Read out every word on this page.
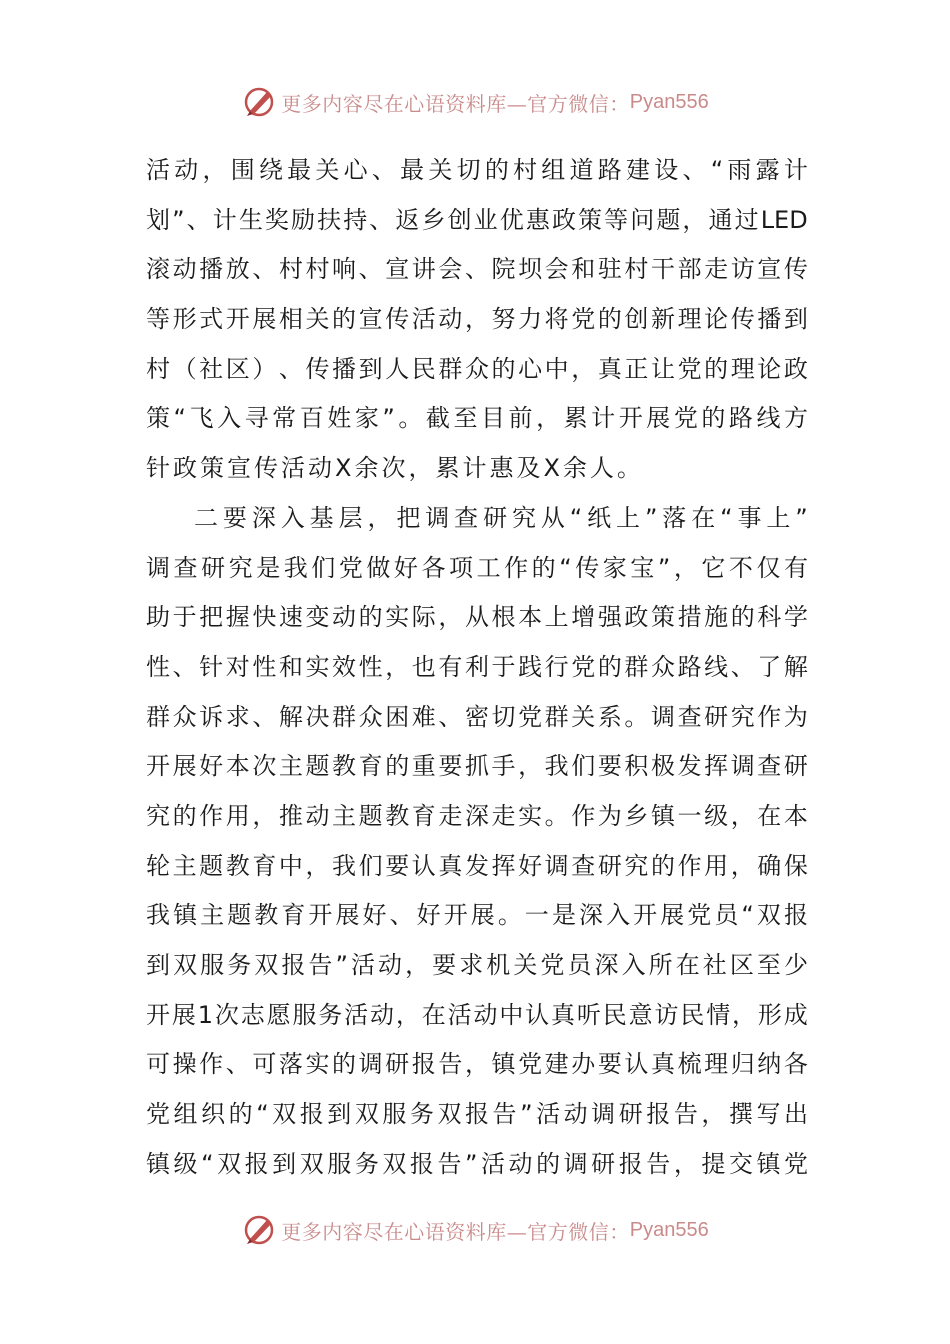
更多内容尽在心语资料库—官方微信： Pyan556
活 动 ， 围 绕 最 关 心 、 最 关 切 的 村 组 道 路 建 设 、 “ 雨 露 计
划 ” 、 计 生 奖 励 扶 持 、 返 乡 创 业 优 惠 政 策 等 问 题 ， 通 过 LED
滚 动 播 放 、 村 村 响 、 宣 讲 会 、 院 坝 会 和 驻 村 干 部 走 访 宣 传
等 形 式 开 展 相 关 的 宣 传 活 动 ， 努 力 将 党 的 创 新 理 论 传 播 到
村 （ 社 区 ） 、 传 播 到 人 民 群 众 的 心 中 ， 真 正 让 党 的 理 论 政
策 “ 飞 入 寻 常 百 姓 家 ” 。 截 至 目 前 ， 累 计 开 展 党 的 路 线 方
针政策宣传活动X余次，累计惠及X余人。
二 要 深 入 基 层 ， 把 调 查 研 究 从 “ 纸 上 ” 落 在 “ 事 上 ”
调 查 研 究 是 我 们 党 做 好 各 项 工 作 的 “ 传 家 宝 ” ， 它 不 仅 有
助 于 把 握 快 速 变 动 的 实 际 ， 从 根 本 上 增 强 政 策 措 施 的 科 学
性 、 针 对 性 和 实 效 性 ， 也 有 利 于 践 行 党 的 群 众 路 线 、 了 解
群 众 诉 求 、 解 决 群 众 困 难 、 密 切 党 群 关 系 。 调 查 研 究 作 为
开 展 好 本 次 主 题 教 育 的 重 要 抓 手 ， 我 们 要 积 极 发 挥 调 查 研
究 的 作 用 ， 推 动 主 题 教 育 走 深 走 实 。 作 为 乡 镇 一 级 ， 在 本
轮 主 题 教 育 中 ， 我 们 要 认 真 发 挥 好 调 查 研 究 的 作 用 ， 确 保
我 镇 主 题 教 育 开 展 好 、 好 开 展 。 一 是 深 入 开 展 党 员 “ 双 报
到 双 服 务 双 报 告 ” 活 动 ， 要 求 机 关 党 员 深 入 所 在 社 区 至 少
开 展 1 次 志 愿 服 务 活 动 ， 在 活 动 中 认 真 听 民 意 访 民 情 ， 形 成
可 操 作 、 可 落 实 的 调 研 报 告 ， 镇 党 建 办 要 认 真 梳 理 归 纳 各
党 组 织 的 “ 双 报 到 双 服 务 双 报 告 ” 活 动 调 研 报 告 ， 撰 写 出
镇 级 “ 双 报 到 双 服 务 双 报 告 ” 活 动 的 调 研 报 告 ， 提 交 镇 党
更多内容尽在心语资料库—官方微信： Pyan556
